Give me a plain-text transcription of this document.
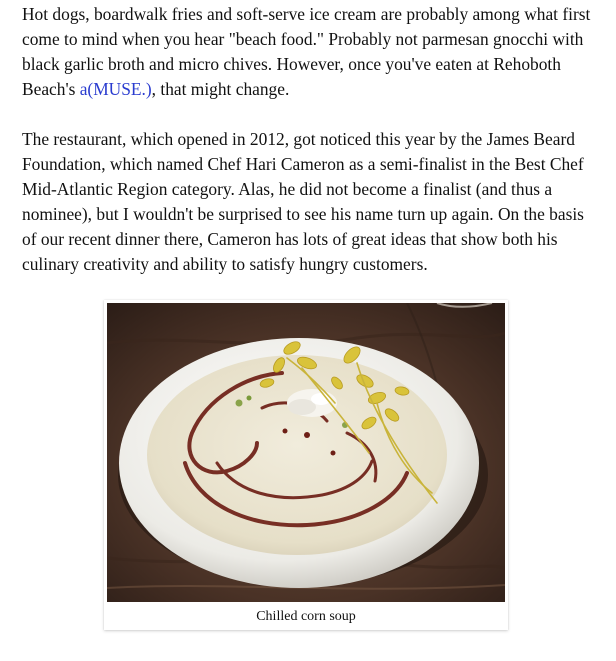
Hot dogs, boardwalk fries and soft-serve ice cream are probably among what first come to mind when you hear "beach food." Probably not parmesan gnocchi with black garlic broth and micro chives. However, once you've eaten at Rehoboth Beach's a(MUSE.), that might change.

The restaurant, which opened in 2012, got noticed this year by the James Beard Foundation, which named Chef Hari Cameron as a semi-finalist in the Best Chef Mid-Atlantic Region category. Alas, he did not become a finalist (and thus a nominee), but I wouldn't be surprised to see his name turn up again. On the basis of our recent dinner there, Cameron has lots of great ideas that show both his culinary creativity and ability to satisfy hungry customers.

Chilled corn soup
